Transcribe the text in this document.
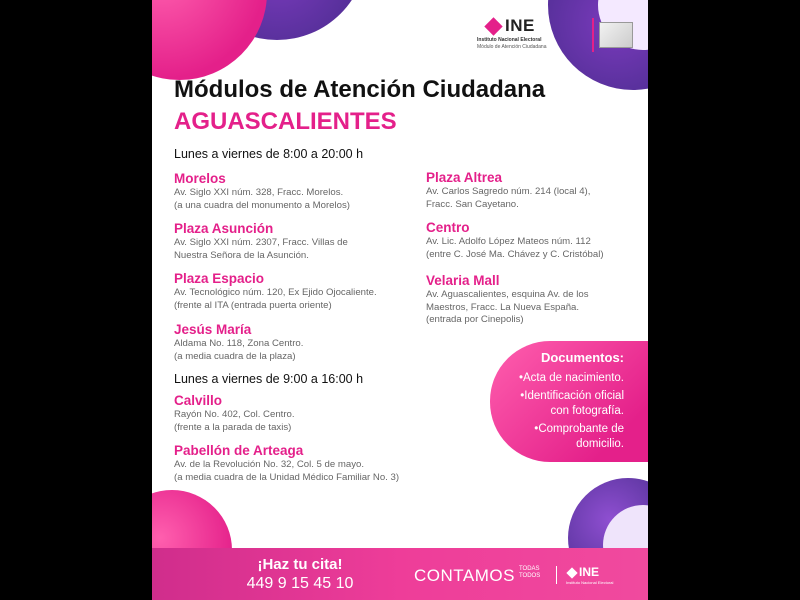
INE
Instituto Nacional Electoral
Módulo de Atención Ciudadana
Módulos de Atención Ciudadana
AGUASCALIENTES
Lunes a viernes de 8:00 a 20:00 h
Morelos
Av. Siglo XXI núm. 328, Fracc. Morelos.
(a una cuadra del monumento a Morelos)
Plaza Asunción
Av. Siglo XXI núm. 2307, Fracc. Villas de
Nuestra Señora de la Asunción.
Plaza Espacio
Av. Tecnológico núm. 120, Ex Ejido Ojocaliente.
(frente al ITA (entrada puerta oriente)
Jesús María
Aldama No. 118, Zona Centro.
(a media cuadra de la plaza)
Plaza Altrea
Av. Carlos Sagredo núm. 214 (local 4),
Fracc. San Cayetano.
Centro
Av. Lic. Adolfo López Mateos núm. 112
(entre C. José Ma. Chávez y C. Cristóbal)
Velaria Mall
Av. Aguascalientes, esquina Av. de los
Maestros, Fracc. La Nueva España.
(entrada por Cinepolis)
Lunes a viernes de 9:00 a 16:00 h
Calvillo
Rayón No. 402, Col. Centro.
(frente a la parada de taxis)
Pabellón de Arteaga
Av. de la Revolución No. 32, Col. 5 de mayo.
(a media cuadra de la Unidad Médico Familiar No. 3)
Documentos:
•Acta de nacimiento.
•Identificación oficial
con fotografía.
•Comprobante de
domicilio.
¡Haz tu cita!
449 9 15 45 10	CONTAMOS TODAS
TODOS	INE
Instituto Nacional Electoral
